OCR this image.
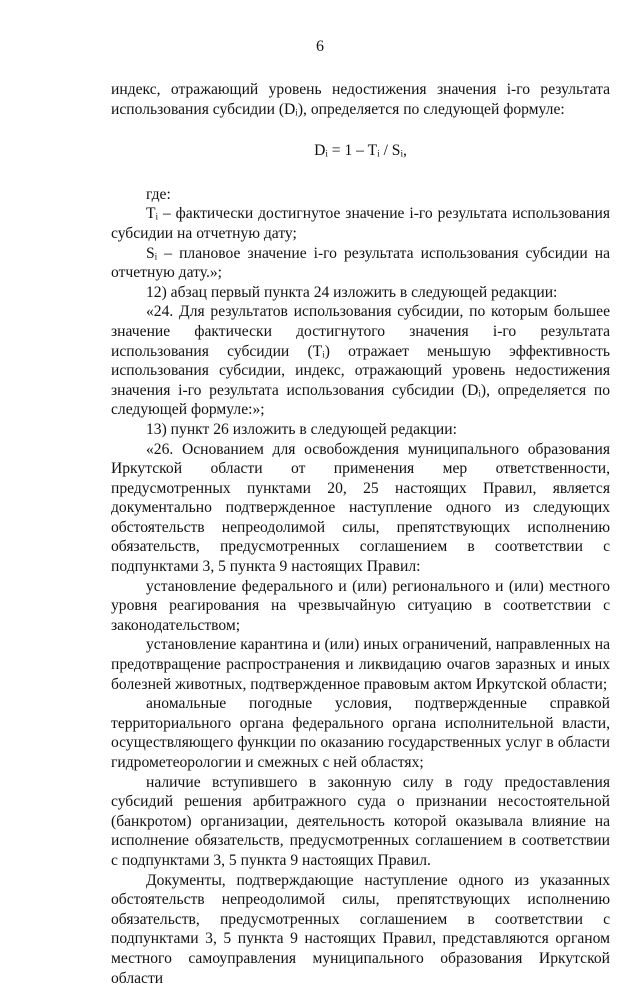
6

индекс, отражающий уровень недостижения значения i-го результата использования субсидии (Dᵢ), определяется по следующей формуле:

Dᵢ = 1 – Tᵢ / Sᵢ,

где:

Tᵢ – фактически достигнутое значение i-го результата использования субсидии на отчетную дату;

Sᵢ – плановое значение i-го результата использования субсидии на отчетную дату.»;

12) абзац первый пункта 24 изложить в следующей редакции:

«24. Для результатов использования субсидии, по которым большее значение фактически достигнутого значения i-го результата использования субсидии (Tᵢ) отражает меньшую эффективность использования субсидии, индекс, отражающий уровень недостижения значения i-го результата использования субсидии (Dᵢ), определяется по следующей формуле:»;

13) пункт 26 изложить в следующей редакции:

«26. Основанием для освобождения муниципального образования Иркутской области от применения мер ответственности, предусмотренных пунктами 20, 25 настоящих Правил, является документально подтвержденное наступление одного из следующих обстоятельств непреодолимой силы, препятствующих исполнению обязательств, предусмотренных соглашением в соответствии с подпунктами 3, 5 пункта 9 настоящих Правил:

установление федерального и (или) регионального и (или) местного уровня реагирования на чрезвычайную ситуацию в соответствии с законодательством;

установление карантина и (или) иных ограничений, направленных на предотвращение распространения и ликвидацию очагов заразных и иных болезней животных, подтвержденное правовым актом Иркутской области;

аномальные погодные условия, подтвержденные справкой территориального органа федерального органа исполнительной власти, осуществляющего функции по оказанию государственных услуг в области гидрометеорологии и смежных с ней областях;

наличие вступившего в законную силу в году предоставления субсидий решения арбитражного суда о признании несостоятельной (банкротом) организации, деятельность которой оказывала влияние на исполнение обязательств, предусмотренных соглашением в соответствии с подпунктами 3, 5 пункта 9 настоящих Правил.

Документы, подтверждающие наступление одного из указанных обстоятельств непреодолимой силы, препятствующих исполнению обязательств, предусмотренных соглашением в соответствии с подпунктами 3, 5 пункта 9 настоящих Правил, представляются органом местного самоуправления муниципального образования Иркутской области
